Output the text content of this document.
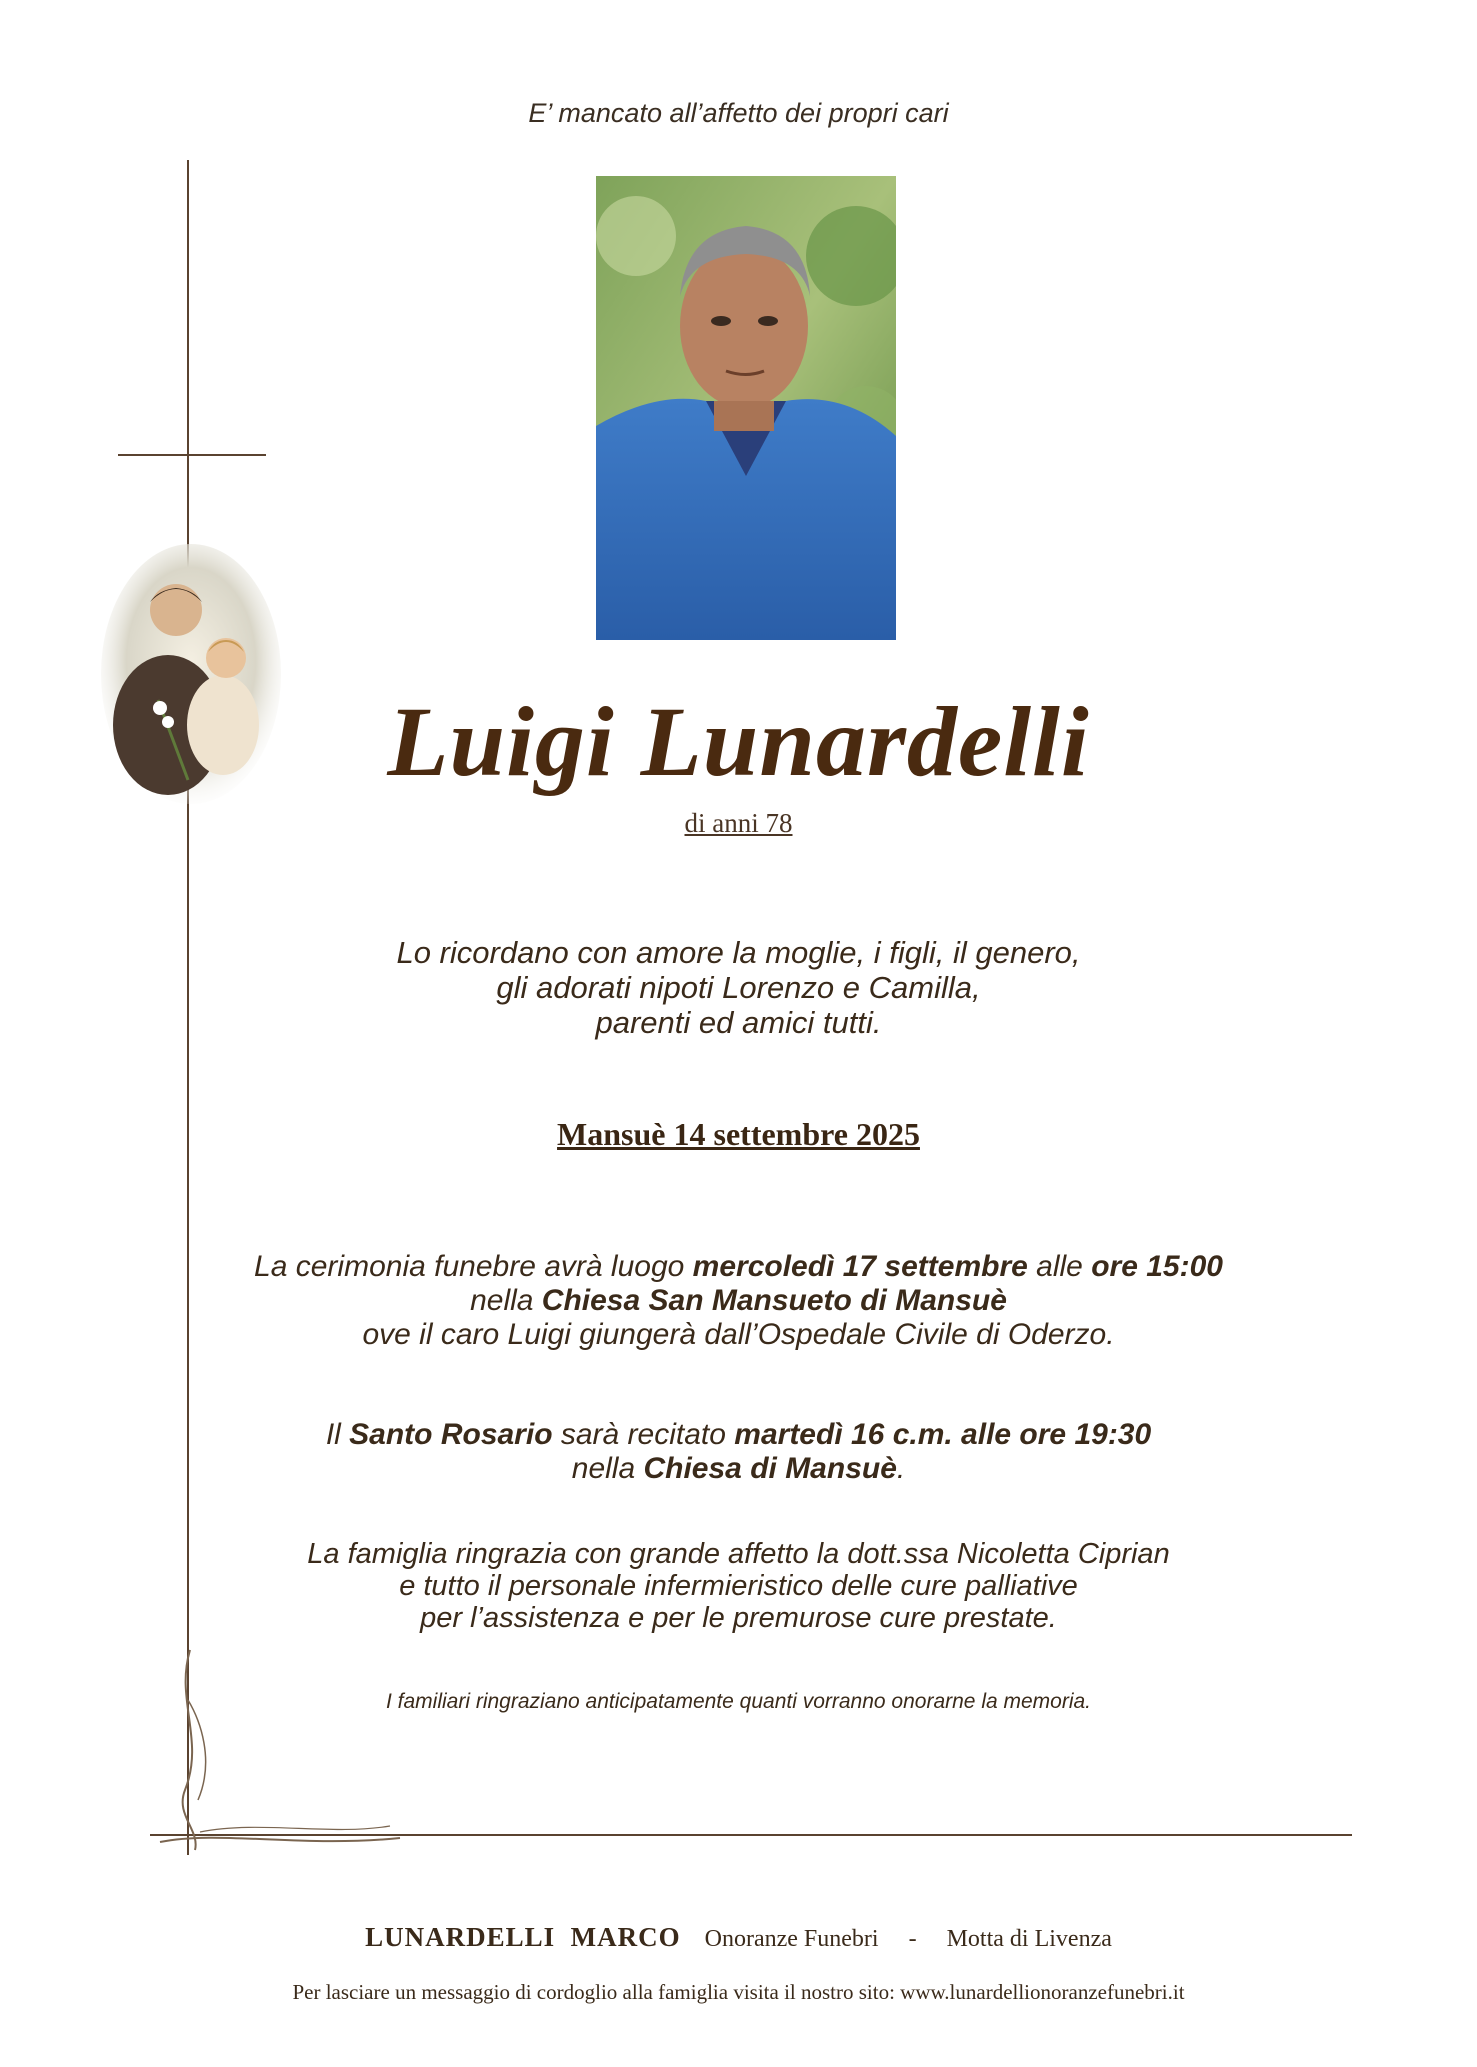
E’ mancato all’affetto dei propri cari
Luigi Lunardelli
di anni 78
Lo ricordano con amore la moglie, i figli, il genero,
gli adorati nipoti Lorenzo e Camilla,
parenti ed amici tutti.
Mansuè 14 settembre 2025
La cerimonia funebre avrà luogo mercoledì 17 settembre alle ore 15:00
nella Chiesa San Mansueto di Mansuè
ove il caro Luigi giungerà dall’Ospedale Civile di Oderzo.
Il Santo Rosario sarà recitato martedì 16 c.m. alle ore 19:30
nella Chiesa di Mansuè.
La famiglia ringrazia con grande affetto la dott.ssa Nicoletta Ciprian
e tutto il personale infermieristico delle cure palliative
per l’assistenza e per le premurose cure prestate.
I familiari ringraziano anticipatamente quanti vorranno onorarne la memoria.
LUNARDELLI  MARCO Onoranze Funebri - Motta di Livenza
Per lasciare un messaggio di cordoglio alla famiglia visita il nostro sito: www.lunardellionoranzefunebri.it
